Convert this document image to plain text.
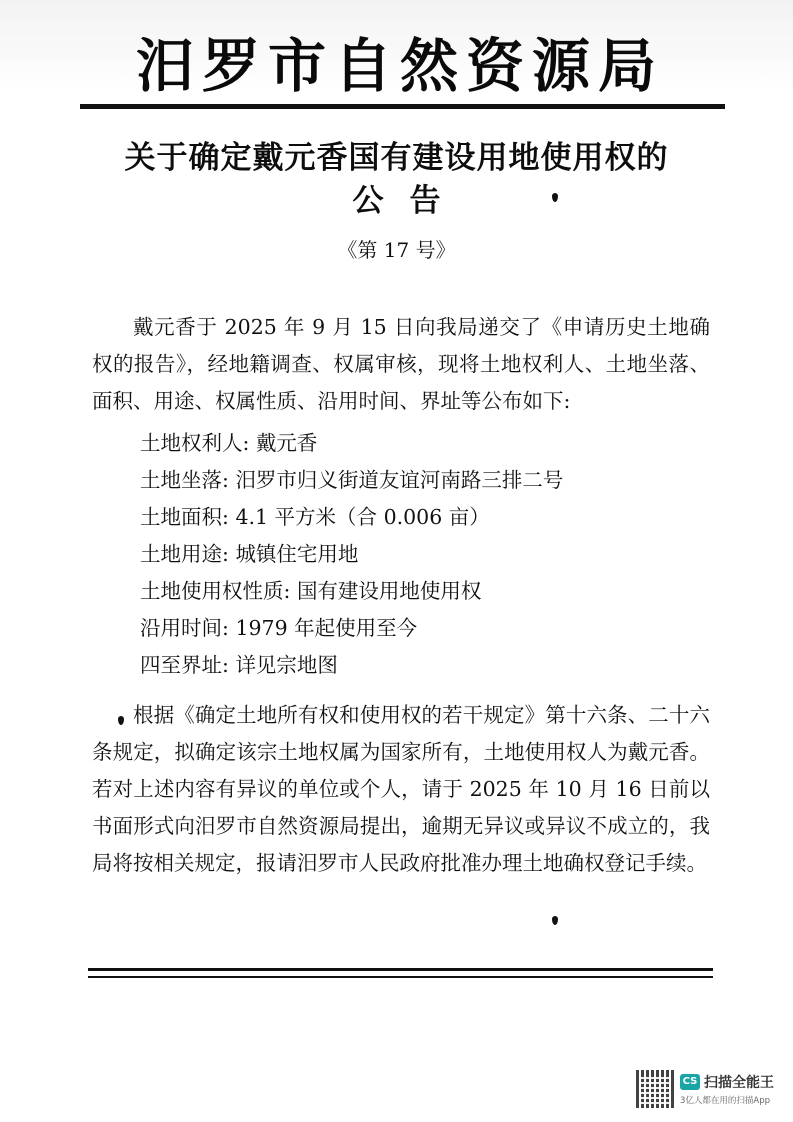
汨罗市自然资源局
关于确定戴元香国有建设用地使用权的
公告
《第 17 号》

戴元香于 2025 年 9 月 15 日向我局递交了《申请历史土地确权的报告》，经地籍调查、权属审核，现将土地权利人、土地坐落、面积、用途、权属性质、沿用时间、界址等公布如下:

土地权利人: 戴元香
土地坐落: 汨罗市归义街道友谊河南路三排二号
土地面积: 4.1 平方米（合 0.006 亩）
土地用途: 城镇住宅用地
土地使用权性质: 国有建设用地使用权
沿用时间: 1979 年起使用至今
四至界址: 详见宗地图

根据《确定土地所有权和使用权的若干规定》第十六条、二十六条规定，拟确定该宗土地权属为国家所有，土地使用权人为戴元香。若对上述内容有异议的单位或个人，请于 2025 年 10 月 16 日前以书面形式向汨罗市自然资源局提出，逾期无异议或异议不成立的，我局将按相关规定，报请汨罗市人民政府批准办理土地确权登记手续。

CS 扫描全能王
3亿人都在用的扫描App
